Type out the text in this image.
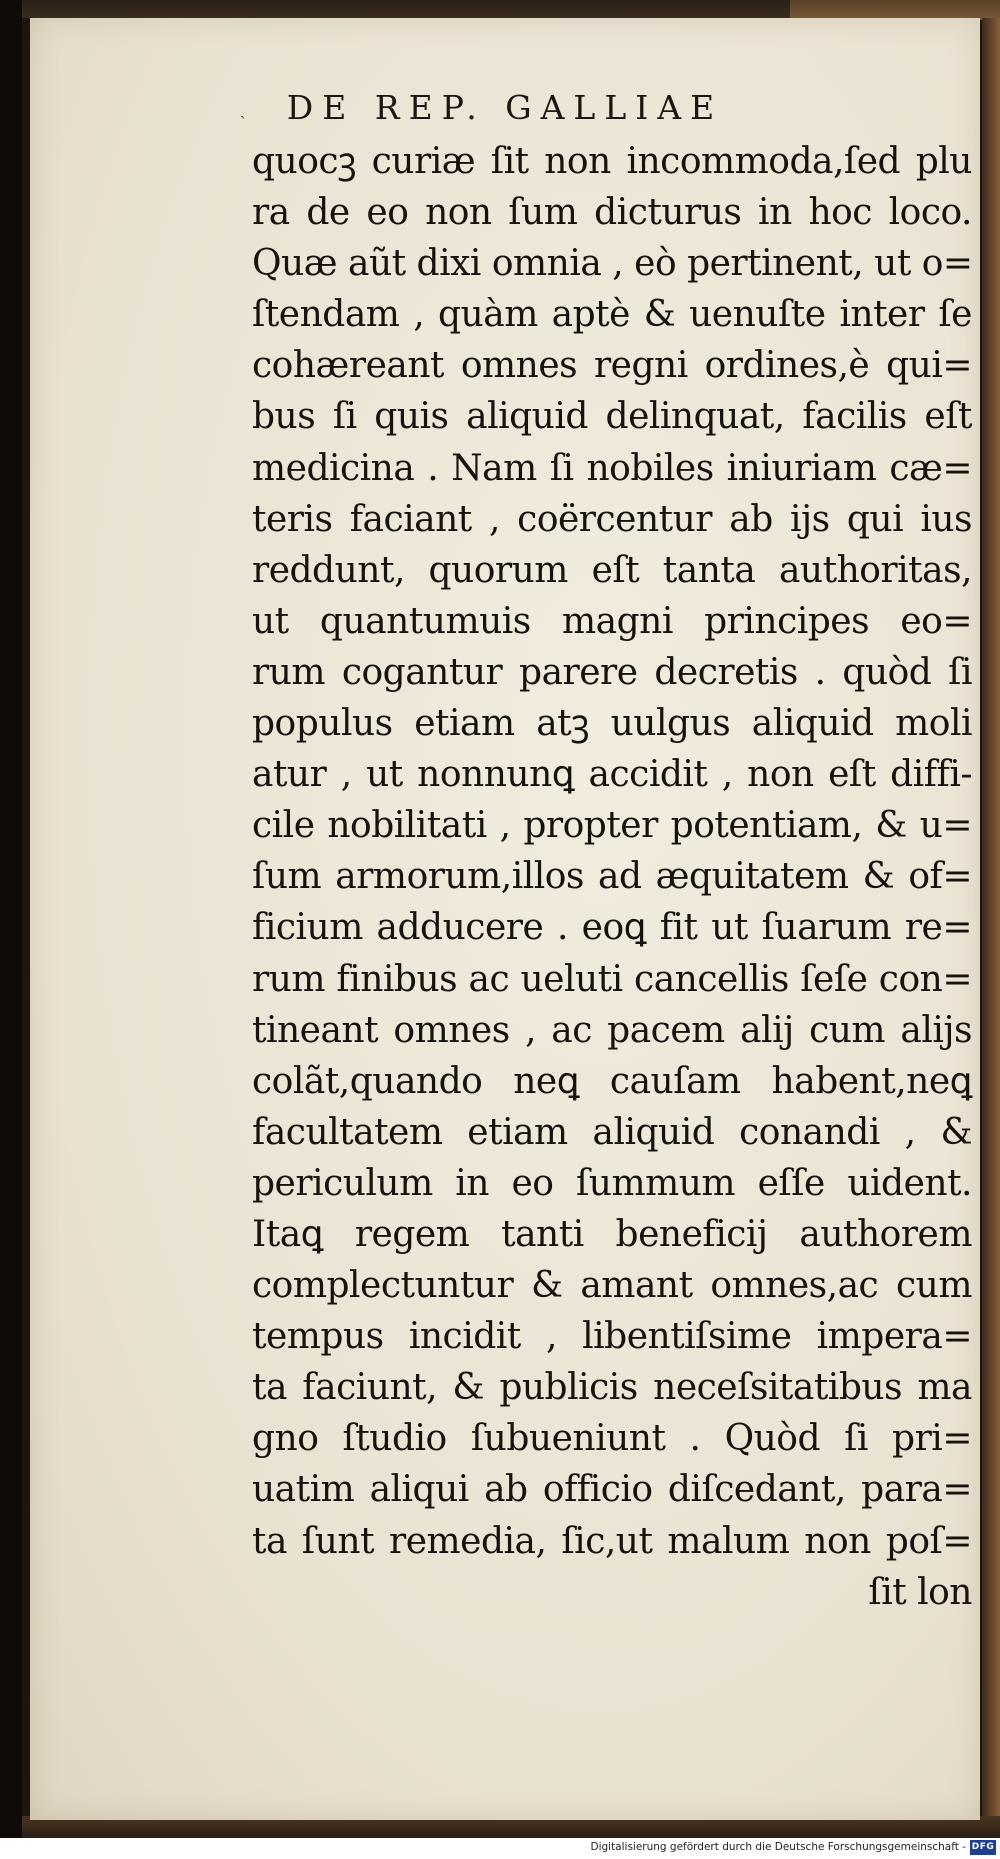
ˎ	DE REP. GALLIAE
quocꝫ curiæ ſit non incommoda,ſed plu
ra de eo non ſum dicturus in hoc loco.
Quæ aũt dixi omnia , eò pertinent, ut o=
ſtendam , quàm aptè & uenuſte inter ſe
cohæreant omnes regni ordines,è qui=
bus ſi quis aliquid delinquat, facilis eſt
medicina . Nam ſi nobiles iniuriam cæ=
teris faciant , coërcentur ab ijs qui ius
reddunt, quorum eſt tanta authoritas,
ut quantumuis magni principes eo=
rum cogantur parere decretis . quòd ſi
populus etiam atꝫ uulgus aliquid moli
atur , ut nonnunꝗ accidit , non eſt diffi-
cile nobilitati , propter potentiam, & u=
ſum armorum,illos ad æquitatem & of=
ficium adducere . eoꝗ fit ut ſuarum re=
rum finibus ac ueluti cancellis ſeſe con=
tineant omnes , ac pacem alij cum alijs
colãt,quando neꝗ cauſam habent,neꝗ
facultatem etiam aliquid conandi , &
periculum in eo ſummum eſſe uident.
Itaꝗ regem tanti beneficij authorem
complectuntur & amant omnes,ac cum
tempus incidit , libentiſsime impera=
ta faciunt, & publicis neceſsitatibus ma
gno ſtudio ſubueniunt . Quòd ſi pri=
uatim aliqui ab officio diſcedant, para=
ta ſunt remedia, ſic,ut malum non poſ=
ſit lon
Digitalisierung gefördert durch die Deutsche Forschungsgemeinschaft - DFG
